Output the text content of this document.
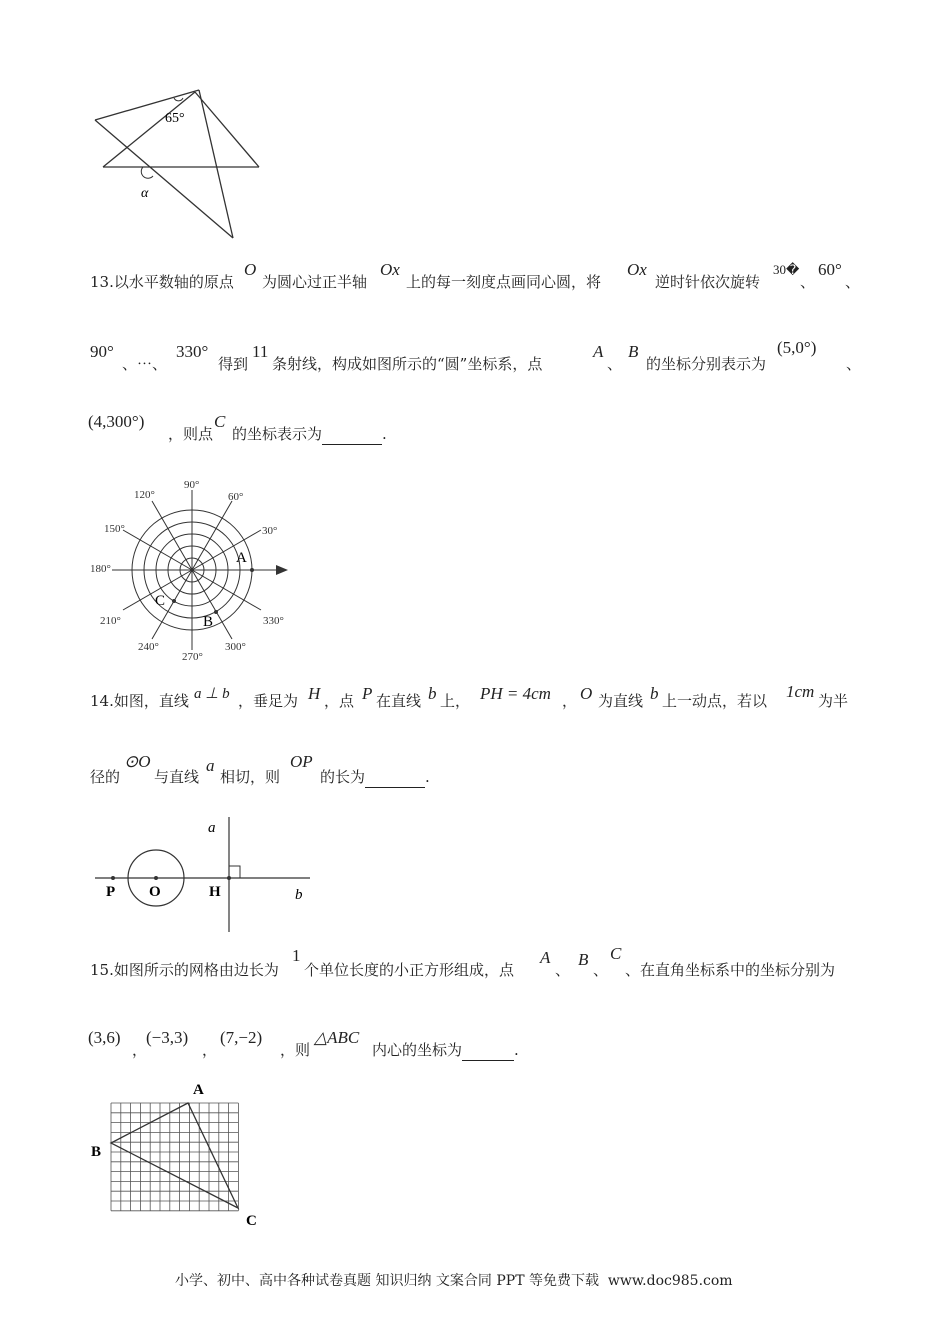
65°
α
13.以水平数轴的原点
O
为圆心过正半轴
Ox
上的每一刻度点画同心圆，将
Ox
逆时针依次旋转
30� 60°
、 、
90°
、⋯、
330°
得到
11
条射线，构成如图所示的“圆”坐标系，点
A
、
B
的坐标分别表示为
(5,0°)
、
(4,300°)
，则点
C
的坐标表示为	.
90°
60°
120°
150°	30°
180°
210°	330°
240°	300°
270°
A
B
C
14.如图，直线 a ⊥ b ，垂足为 H ，点 P 在直线 b 上， PH = 4cm ， O 为直线 b 上一动点，若以 1cm 为半
径的
⊙O
与直线
a
相切，则
OP
的长为	.
a
b
P O	H
15.如图所示的网格由边长为
1
个单位长度的小正方形组成，点
A
、
B
、
C
、在直角坐标系中的坐标分别为
(3,6)
，
(−3,3)
，
(7,−2)
，则
△ABC
内心的坐标为	.
A
B
C
小学、初中、高中各种试卷真题 知识归纳 文案合同 PPT 等免费下载 www.doc985.com
